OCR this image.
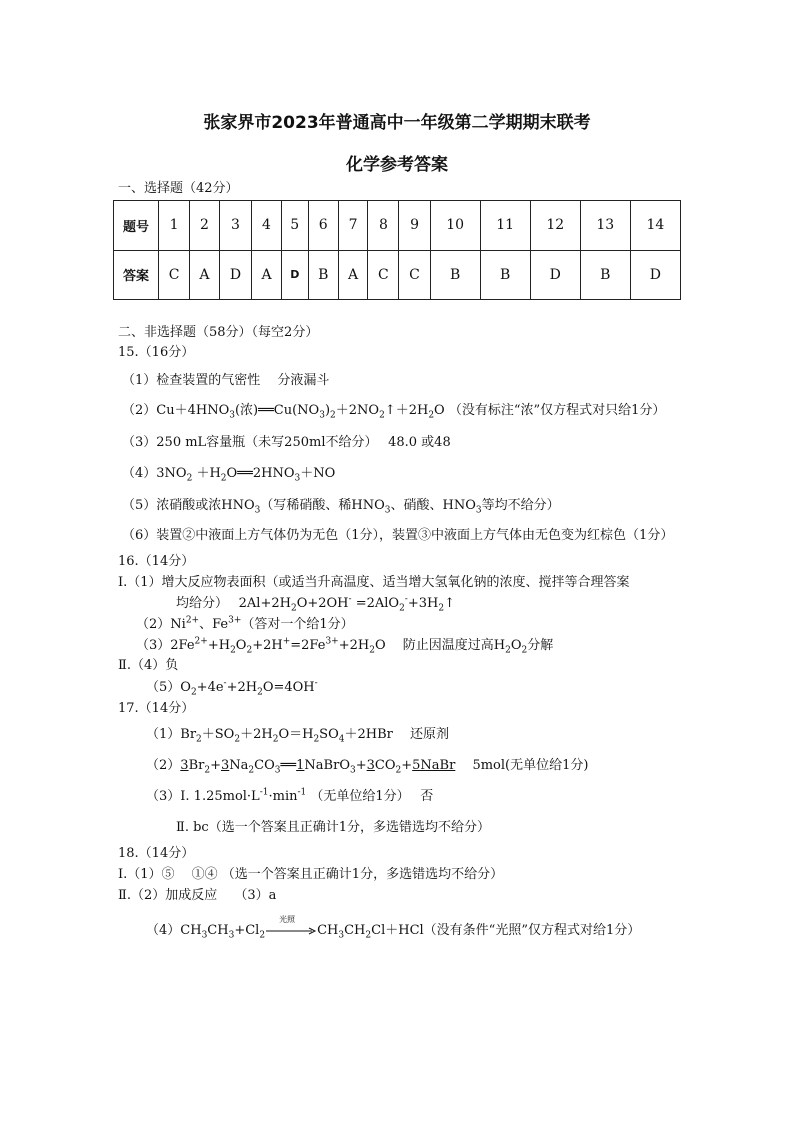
张家界市2023年普通高中一年级第二学期期末联考
化学参考答案
一、选择题（42分）
题号	1	2	3	4	5	6	7	8	9	10	11	12	13	14
答案	C	A	D	A	D	B	A	C	C	B	B	D	B	D
二、非选择题（58分）（每空2分）
15.（16分）
（1）检查装置的气密性　 分液漏斗
$(2)Cu+4HNO_3$(浓)$══Cu(NO_3)_2+2NO_2↑+2H_2O$ （没有标注“浓”仅方程式对只给1分）
（3）250 mL容量瓶（未写250ml不给分）　 48.0 或48
$(4)3NO_2$ $+H_2O══2HNO_3+NO$
（5）浓硝酸或浓$HNO_3$（写稀硝酸、稀$HNO_3$、硝酸、$HNO_3$等均不给分）
（6）装置②中液面上方气体仍为无色（1分），装置③中液面上方气体由无色变为红棕色（1分）
16.（14分）
Ⅰ.（1）增大反应物表面积（或适当升高温度、适当增大氢氧化钠的浓度、搅拌等合理答案
均给分）　 $2Al+2H_2O+2OH^-$ $=2AlO_2^-+3H_2↑$
$(2)Ni^{2+}$、$Fe^{3+}$（答对一个给1分）
$(3)2Fe^{2+}+H_2O_2+2H^+=2Fe^{3+}+2H_2O$　 防止因温度过高$H_2O_2$分解
Ⅱ.（4）负
$(5)O_2+4e^-+2H_2O=4OH^-$
17.（14分）
$(1)Br_2+SO_2+2H_2O=H_2SO_4+2HBr$　 还原剂
$(2)3Br_2+3Na_2CO_3══1NaBrO_3+3CO_2+5NaBr$　 5mol(无单位给1分)
（3）Ⅰ. $1.25mol\cdot L^{-1}\cdot\min^{-1}$ （无单位给1分）　 否
Ⅱ. bc（选一个答案且正确计1分，多选错选均不给分）
18.（14分）
Ⅰ.（1）⑤　 ①④ （选一个答案且正确计1分，多选错选均不给分）
Ⅱ.（2）加成反应　 （3）a
$(4)CH_3CH_3+Cl_2$
光照
$CH_3CH_2Cl+HCl$（没有条件“光照”仅方程式对给1分）
